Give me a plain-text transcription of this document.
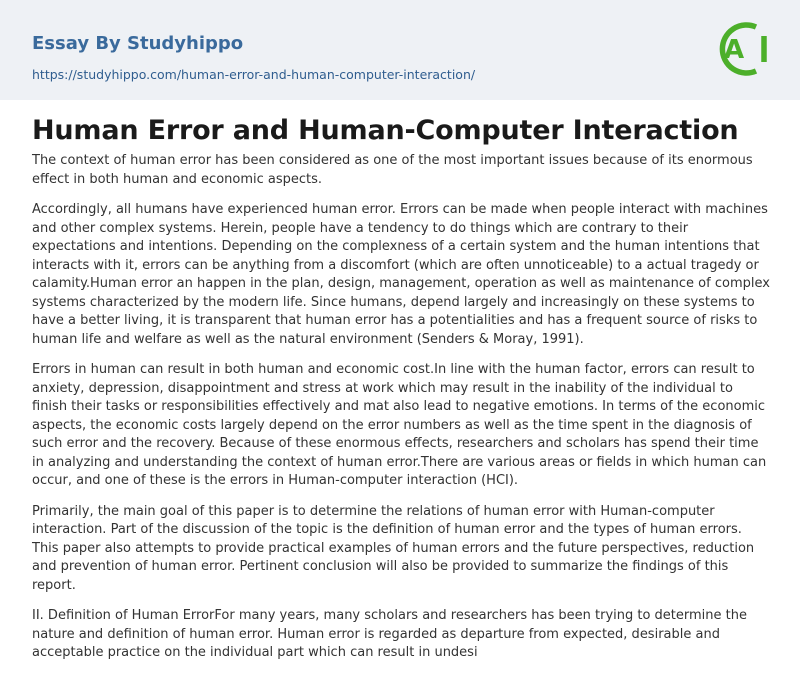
Essay By Studyhippo
https://studyhippo.com/human-error-and-human-computer-interaction/
A
Human Error and Human-Computer Interaction

The context of human error has been considered as one of the most important issues because of its enormous effect in both human and economic aspects.

Accordingly, all humans have experienced human error. Errors can be made when people interact with machines and other complex systems. Herein, people have a tendency to do things which are contrary to their expectations and intentions. Depending on the complexness of a certain system and the human intentions that interacts with it, errors can be anything from a discomfort (which are often unnoticeable) to a actual tragedy or calamity.Human error an happen in the plan, design, management, operation as well as maintenance of complex systems characterized by the modern life. Since humans, depend largely and increasingly on these systems to have a better living, it is transparent that human error has a potentialities and has a frequent source of risks to human life and welfare as well as the natural environment (Senders & Moray, 1991).

Errors in human can result in both human and economic cost.In line with the human factor, errors can result to anxiety, depression, disappointment and stress at work which may result in the inability of the individual to finish their tasks or responsibilities effectively and mat also lead to negative emotions. In terms of the economic aspects, the economic costs largely depend on the error numbers as well as the time spent in the diagnosis of such error and the recovery. Because of these enormous effects, researchers and scholars has spend their time in analyzing and understanding the context of human error.There are various areas or fields in which human can occur, and one of these is the errors in Human-computer interaction (HCI).

Primarily, the main goal of this paper is to determine the relations of human error with Human-computer interaction. Part of the discussion of the topic is the definition of human error and the types of human errors. This paper also attempts to provide practical examples of human errors and the future perspectives, reduction and prevention of human error. Pertinent conclusion will also be provided to summarize the findings of this report.

II. Definition of Human ErrorFor many years, many scholars and researchers has been trying to determine the nature and definition of human error. Human error is regarded as departure from expected, desirable and acceptable practice on the individual part which can result in undesi
